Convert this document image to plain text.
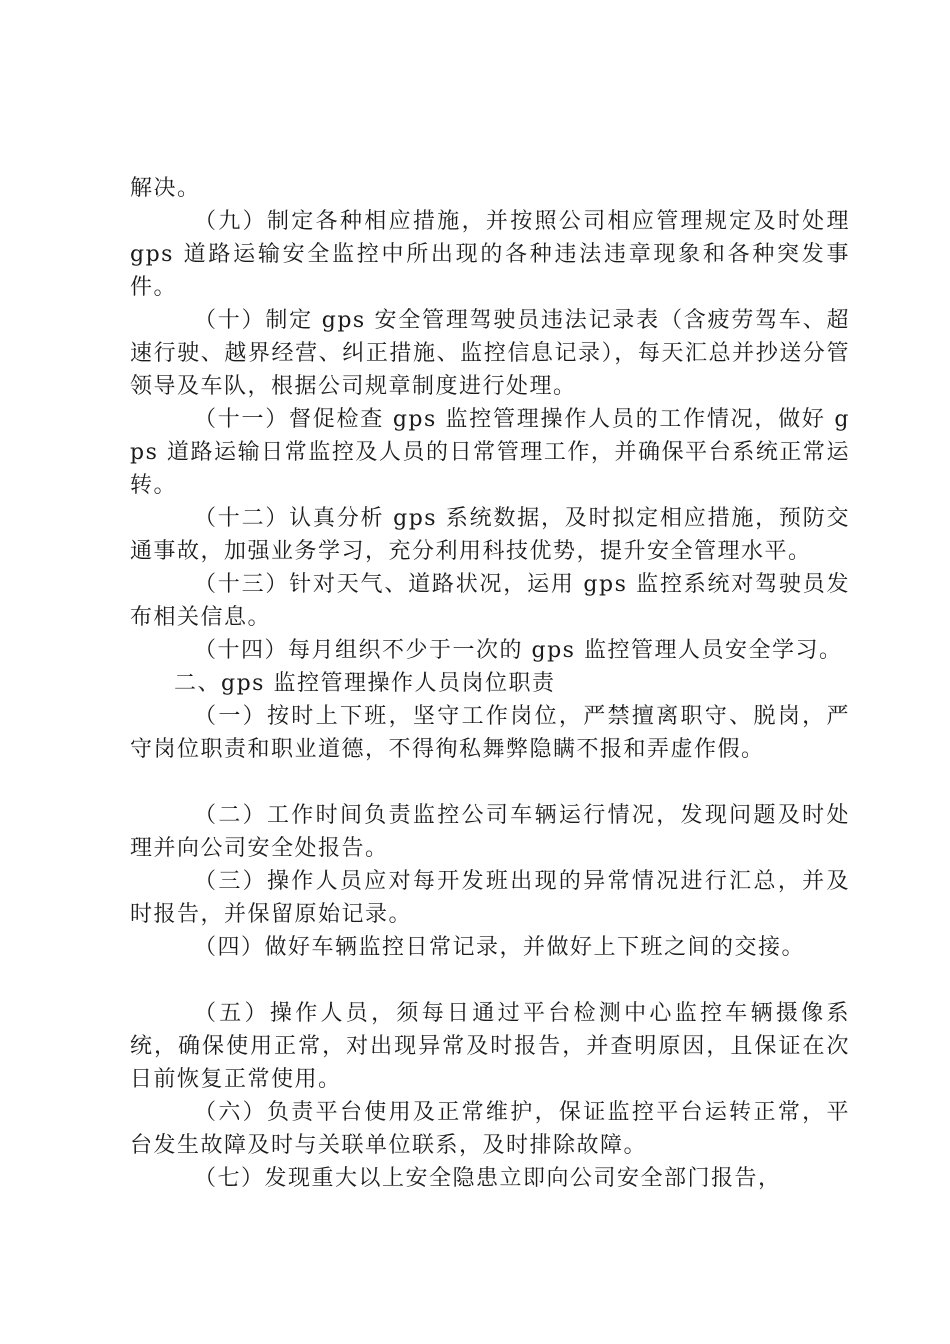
解决。

（九）制定各种相应措施，并按照公司相应管理规定及时处理 gps 道路运输安全监控中所出现的各种违法违章现象和各种突发事件。

（十）制定 gps 安全管理驾驶员违法记录表（含疲劳驾车、超速行驶、越界经营、纠正措施、监控信息记录），每天汇总并抄送分管领导及车队，根据公司规章制度进行处理。

（十一）督促检查 gps 监控管理操作人员的工作情况，做好 gps 道路运输日常监控及人员的日常管理工作，并确保平台系统正常运转。

（十二）认真分析 gps 系统数据，及时拟定相应措施，预防交通事故，加强业务学习，充分利用科技优势，提升安全管理水平。

（十三）针对天气、道路状况，运用 gps 监控系统对驾驶员发布相关信息。

（十四）每月组织不少于一次的 gps 监控管理人员安全学习。

二、gps 监控管理操作人员岗位职责

（一）按时上下班，坚守工作岗位，严禁擅离职守、脱岗，严守岗位职责和职业道德，不得徇私舞弊隐瞒不报和弄虚作假。

（二）工作时间负责监控公司车辆运行情况，发现问题及时处理并向公司安全处报告。

（三）操作人员应对每开发班出现的异常情况进行汇总，并及时报告，并保留原始记录。

（四）做好车辆监控日常记录，并做好上下班之间的交接。

（五）操作人员，须每日通过平台检测中心监控车辆摄像系统，确保使用正常，对出现异常及时报告，并查明原因，且保证在次日前恢复正常使用。

（六）负责平台使用及正常维护，保证监控平台运转正常，平台发生故障及时与关联单位联系，及时排除故障。

（七）发现重大以上安全隐患立即向公司安全部门报告，
